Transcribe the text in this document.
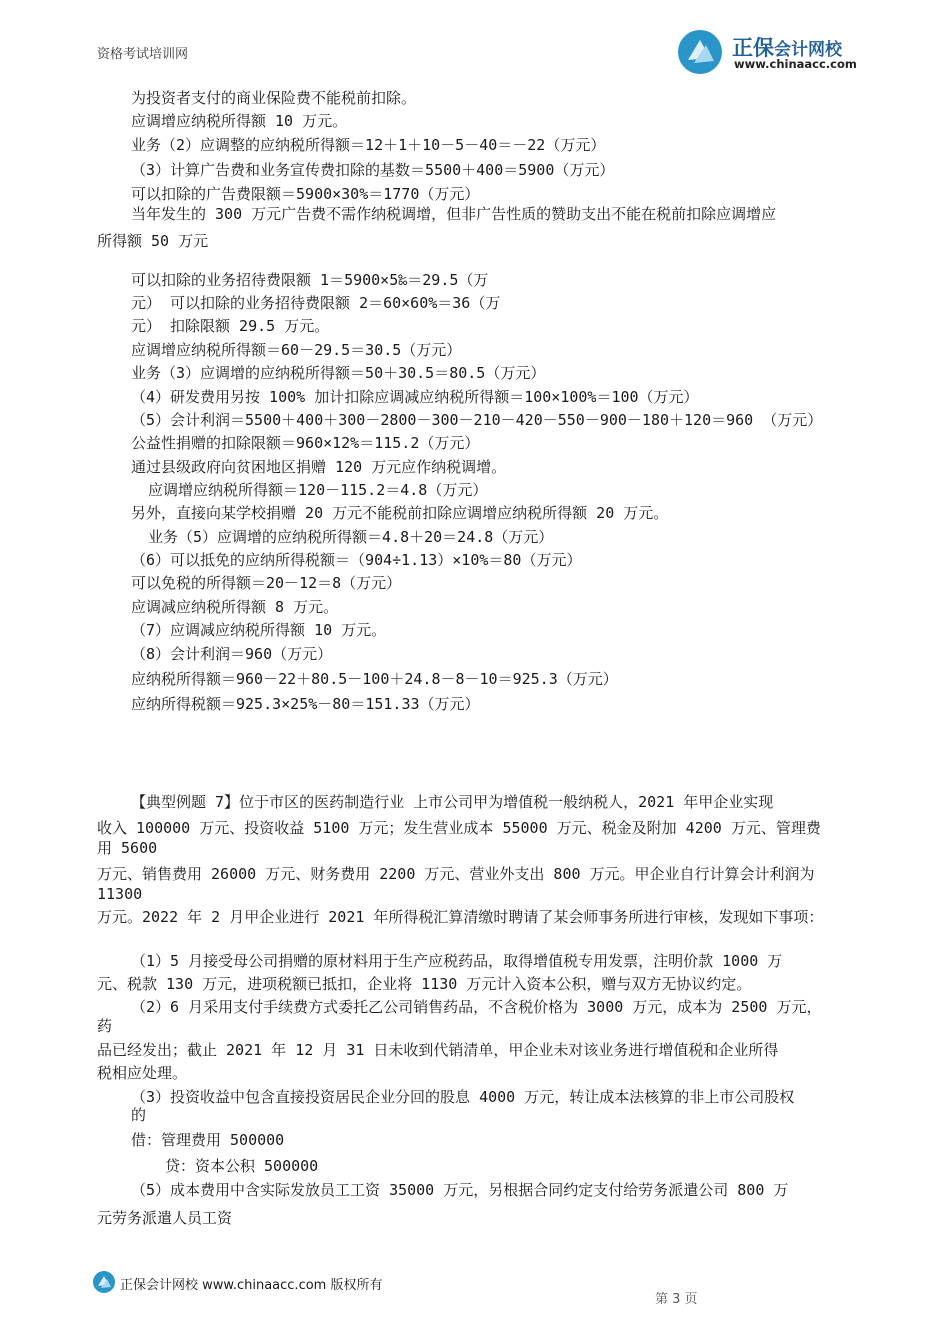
资格考试培训网	正保会计网校
www.chinaacc.com
为投资者支付的商业保险费不能税前扣除。
应调增应纳税所得额 10 万元。
业务（2）应调整的应纳税所得额＝12＋1＋10－5－40＝－22（万元）
（3）计算广告费和业务宣传费扣除的基数＝5500＋400＝5900（万元）
可以扣除的广告费限额＝5900×30%＝1770（万元）
当年发生的 300 万元广告费不需作纳税调增，但非广告性质的赞助支出不能在税前扣除应调增应
所得额 50 万元
可以扣除的业务招待费限额 1＝5900×5‰＝29.5（万
元） 可以扣除的业务招待费限额 2＝60×60%＝36（万
元） 扣除限额 29.5 万元。
应调增应纳税所得额＝60－29.5＝30.5（万元）
业务（3）应调增的应纳税所得额＝50＋30.5＝80.5（万元）
（4）研发费用另按 100% 加计扣除应调减应纳税所得额＝100×100%＝100（万元）
（5）会计利润＝5500＋400＋300－2800－300－210－420－550－900－180＋120＝960 （万元）
公益性捐赠的扣除限额＝960×12%＝115.2（万元）
通过县级政府向贫困地区捐赠 120 万元应作纳税调增。
应调增应纳税所得额＝120－115.2＝4.8（万元）
另外，直接向某学校捐赠 20 万元不能税前扣除应调增应纳税所得额 20 万元。
业务（5）应调增的应纳税所得额＝4.8＋20＝24.8（万元）
（6）可以抵免的应纳所得税额＝（904÷1.13）×10%＝80（万元）
可以免税的所得额＝20－12＝8（万元）
应调减应纳税所得额 8 万元。
（7）应调减应纳税所得额 10 万元。
（8）会计利润＝960（万元）
应纳税所得额＝960－22＋80.5－100＋24.8－8－10＝925.3（万元）
应纳所得税额＝925.3×25%－80＝151.33（万元）
【典型例题 7】位于市区的医药制造行业 上市公司甲为增值税一般纳税人，2021 年甲企业实现
收入 100000 万元、投资收益 5100 万元；发生营业成本 55000 万元、税金及附加 4200 万元、管理费
用 5600
万元、销售费用 26000 万元、财务费用 2200 万元、营业外支出 800 万元。甲企业自行计算会计利润为
11300
万元。2022 年 2 月甲企业进行 2021 年所得税汇算清缴时聘请了某会师事务所进行审核，发现如下事项：
（1）5 月接受母公司捐赠的原材料用于生产应税药品，取得增值税专用发票，注明价款 1000 万
元、税款 130 万元，进项税额已抵扣，企业将 1130 万元计入资本公积，赠与双方无协议约定。
（2）6 月采用支付手续费方式委托乙公司销售药品，不含税价格为 3000 万元，成本为 2500 万元，
药
品已经发出；截止 2021 年 12 月 31 日未收到代销清单，甲企业未对该业务进行增值税和企业所得
税相应处理。
（3）投资收益中包含直接投资居民企业分回的股息 4000 万元，转让成本法核算的非上市公司股权
的
借：管理费用 500000
贷：资本公积 500000
（5）成本费用中含实际发放员工工资 35000 万元，另根据合同约定支付给劳务派遣公司 800 万
元劳务派遣人员工资
正保会计网校 www.chinaacc.com 版权所有
第 3 页
